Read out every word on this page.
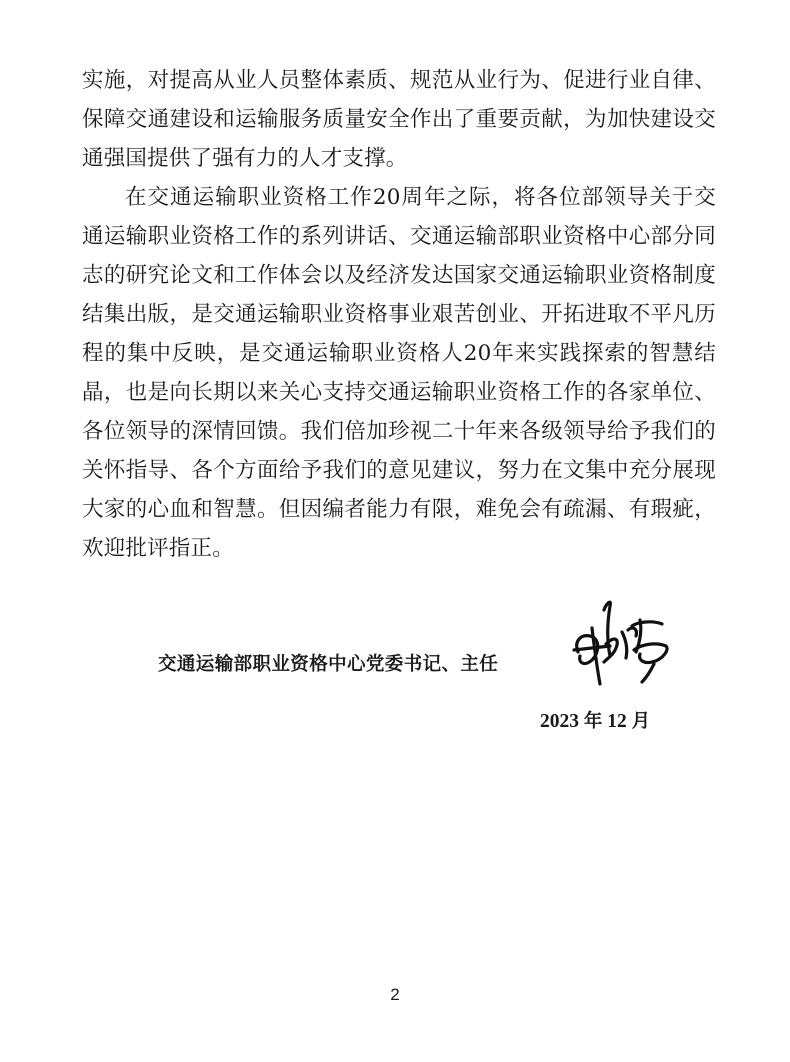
实施，对提高从业人员整体素质、规范从业行为、促进行业自律、保障交通建设和运输服务质量安全作出了重要贡献，为加快建设交通强国提供了强有力的人才支撑。

在交通运输职业资格工作20周年之际，将各位部领导关于交通运输职业资格工作的系列讲话、交通运输部职业资格中心部分同志的研究论文和工作体会以及经济发达国家交通运输职业资格制度结集出版，是交通运输职业资格事业艰苦创业、开拓进取不平凡历程的集中反映，是交通运输职业资格人20年来实践探索的智慧结晶，也是向长期以来关心支持交通运输职业资格工作的各家单位、各位领导的深情回馈。我们倍加珍视二十年来各级领导给予我们的关怀指导、各个方面给予我们的意见建议，努力在文集中充分展现大家的心血和智慧。但因编者能力有限，难免会有疏漏、有瑕疵，欢迎批评指正。

交通运输部职业资格中心党委书记、主任
2023 年 12 月
2
